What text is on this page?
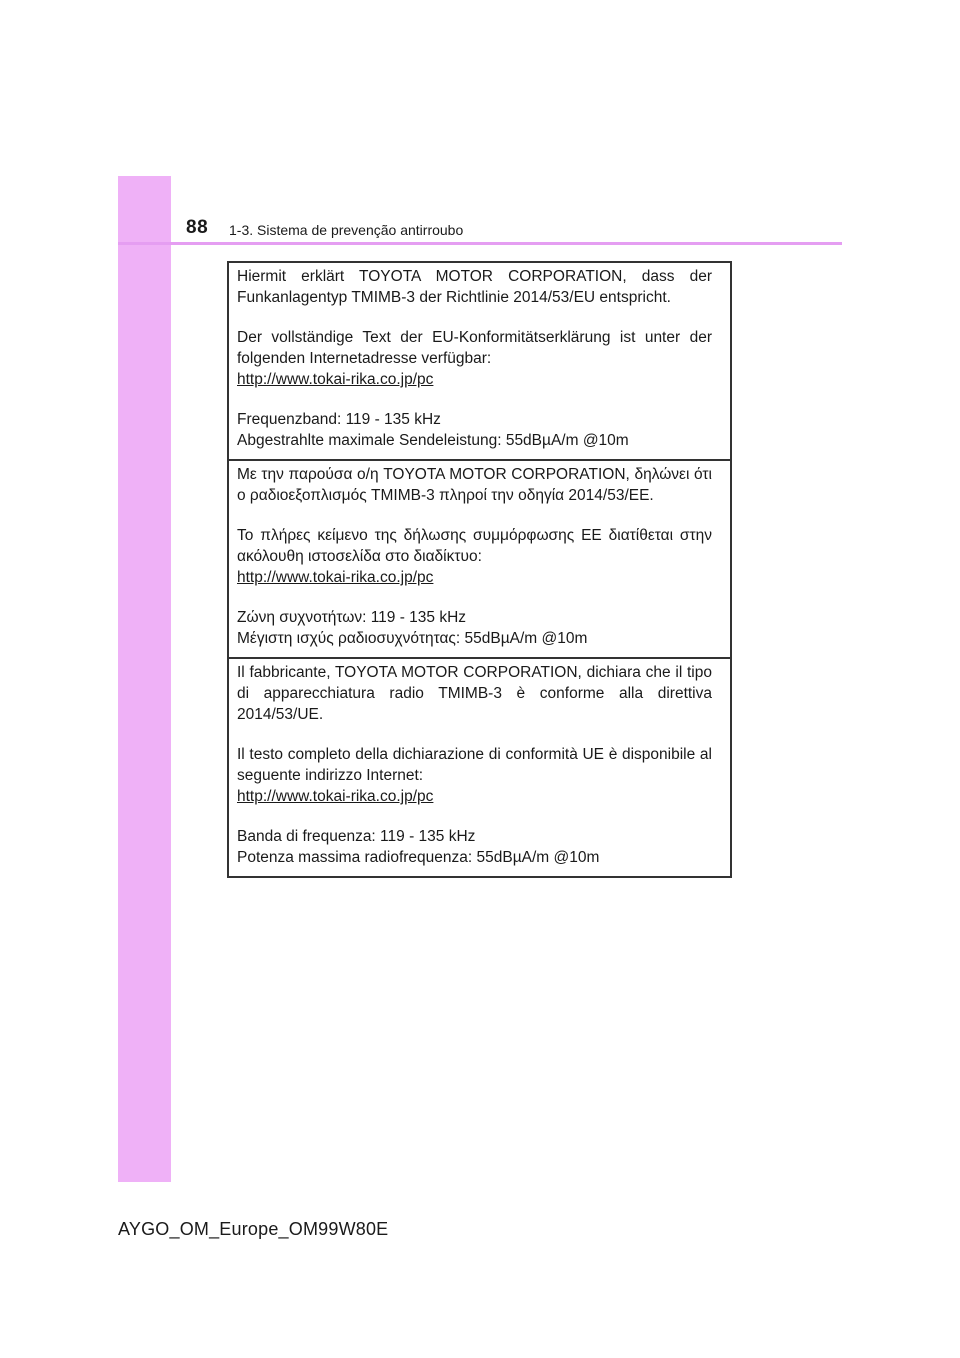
88 1-3. Sistema de prevenção antirroubo

Hiermit erklärt TOYOTA MOTOR CORPORATION, dass der Funkanlagentyp TMIMB-3 der Richtlinie 2014/53/EU entspricht.

Der vollständige Text der EU-Konformitätserklärung ist unter der folgenden Internetadresse verfügbar:
http://www.tokai-rika.co.jp/pc

Frequenzband: 119 - 135 kHz
Abgestrahlte maximale Sendeleistung: 55dBµA/m @10m

Με την παρούσα ο/η TOYOTA MOTOR CORPORATION, δηλώνει ότι ο ραδιοεξοπλισμός TMIMB-3 πληροί την οδηγία 2014/53/ΕΕ.

Το πλήρες κείμενο της δήλωσης συμμόρφωσης ΕΕ διατίθεται στην ακόλουθη ιστοσελίδα στο διαδίκτυο:
http://www.tokai-rika.co.jp/pc

Ζώνη συχνοτήτων: 119 - 135 kHz
Μέγιστη ισχύς ραδιοσυχνότητας: 55dBµA/m @10m

Il fabbricante, TOYOTA MOTOR CORPORATION, dichiara che il tipo di apparecchiatura radio TMIMB-3 è conforme alla direttiva 2014/53/UE.

Il testo completo della dichiarazione di conformità UE è disponibile al seguente indirizzo Internet:
http://www.tokai-rika.co.jp/pc

Banda di frequenza: 119 - 135 kHz
Potenza massima radiofrequenza: 55dBµA/m @10m

AYGO_OM_Europe_OM99W80E
